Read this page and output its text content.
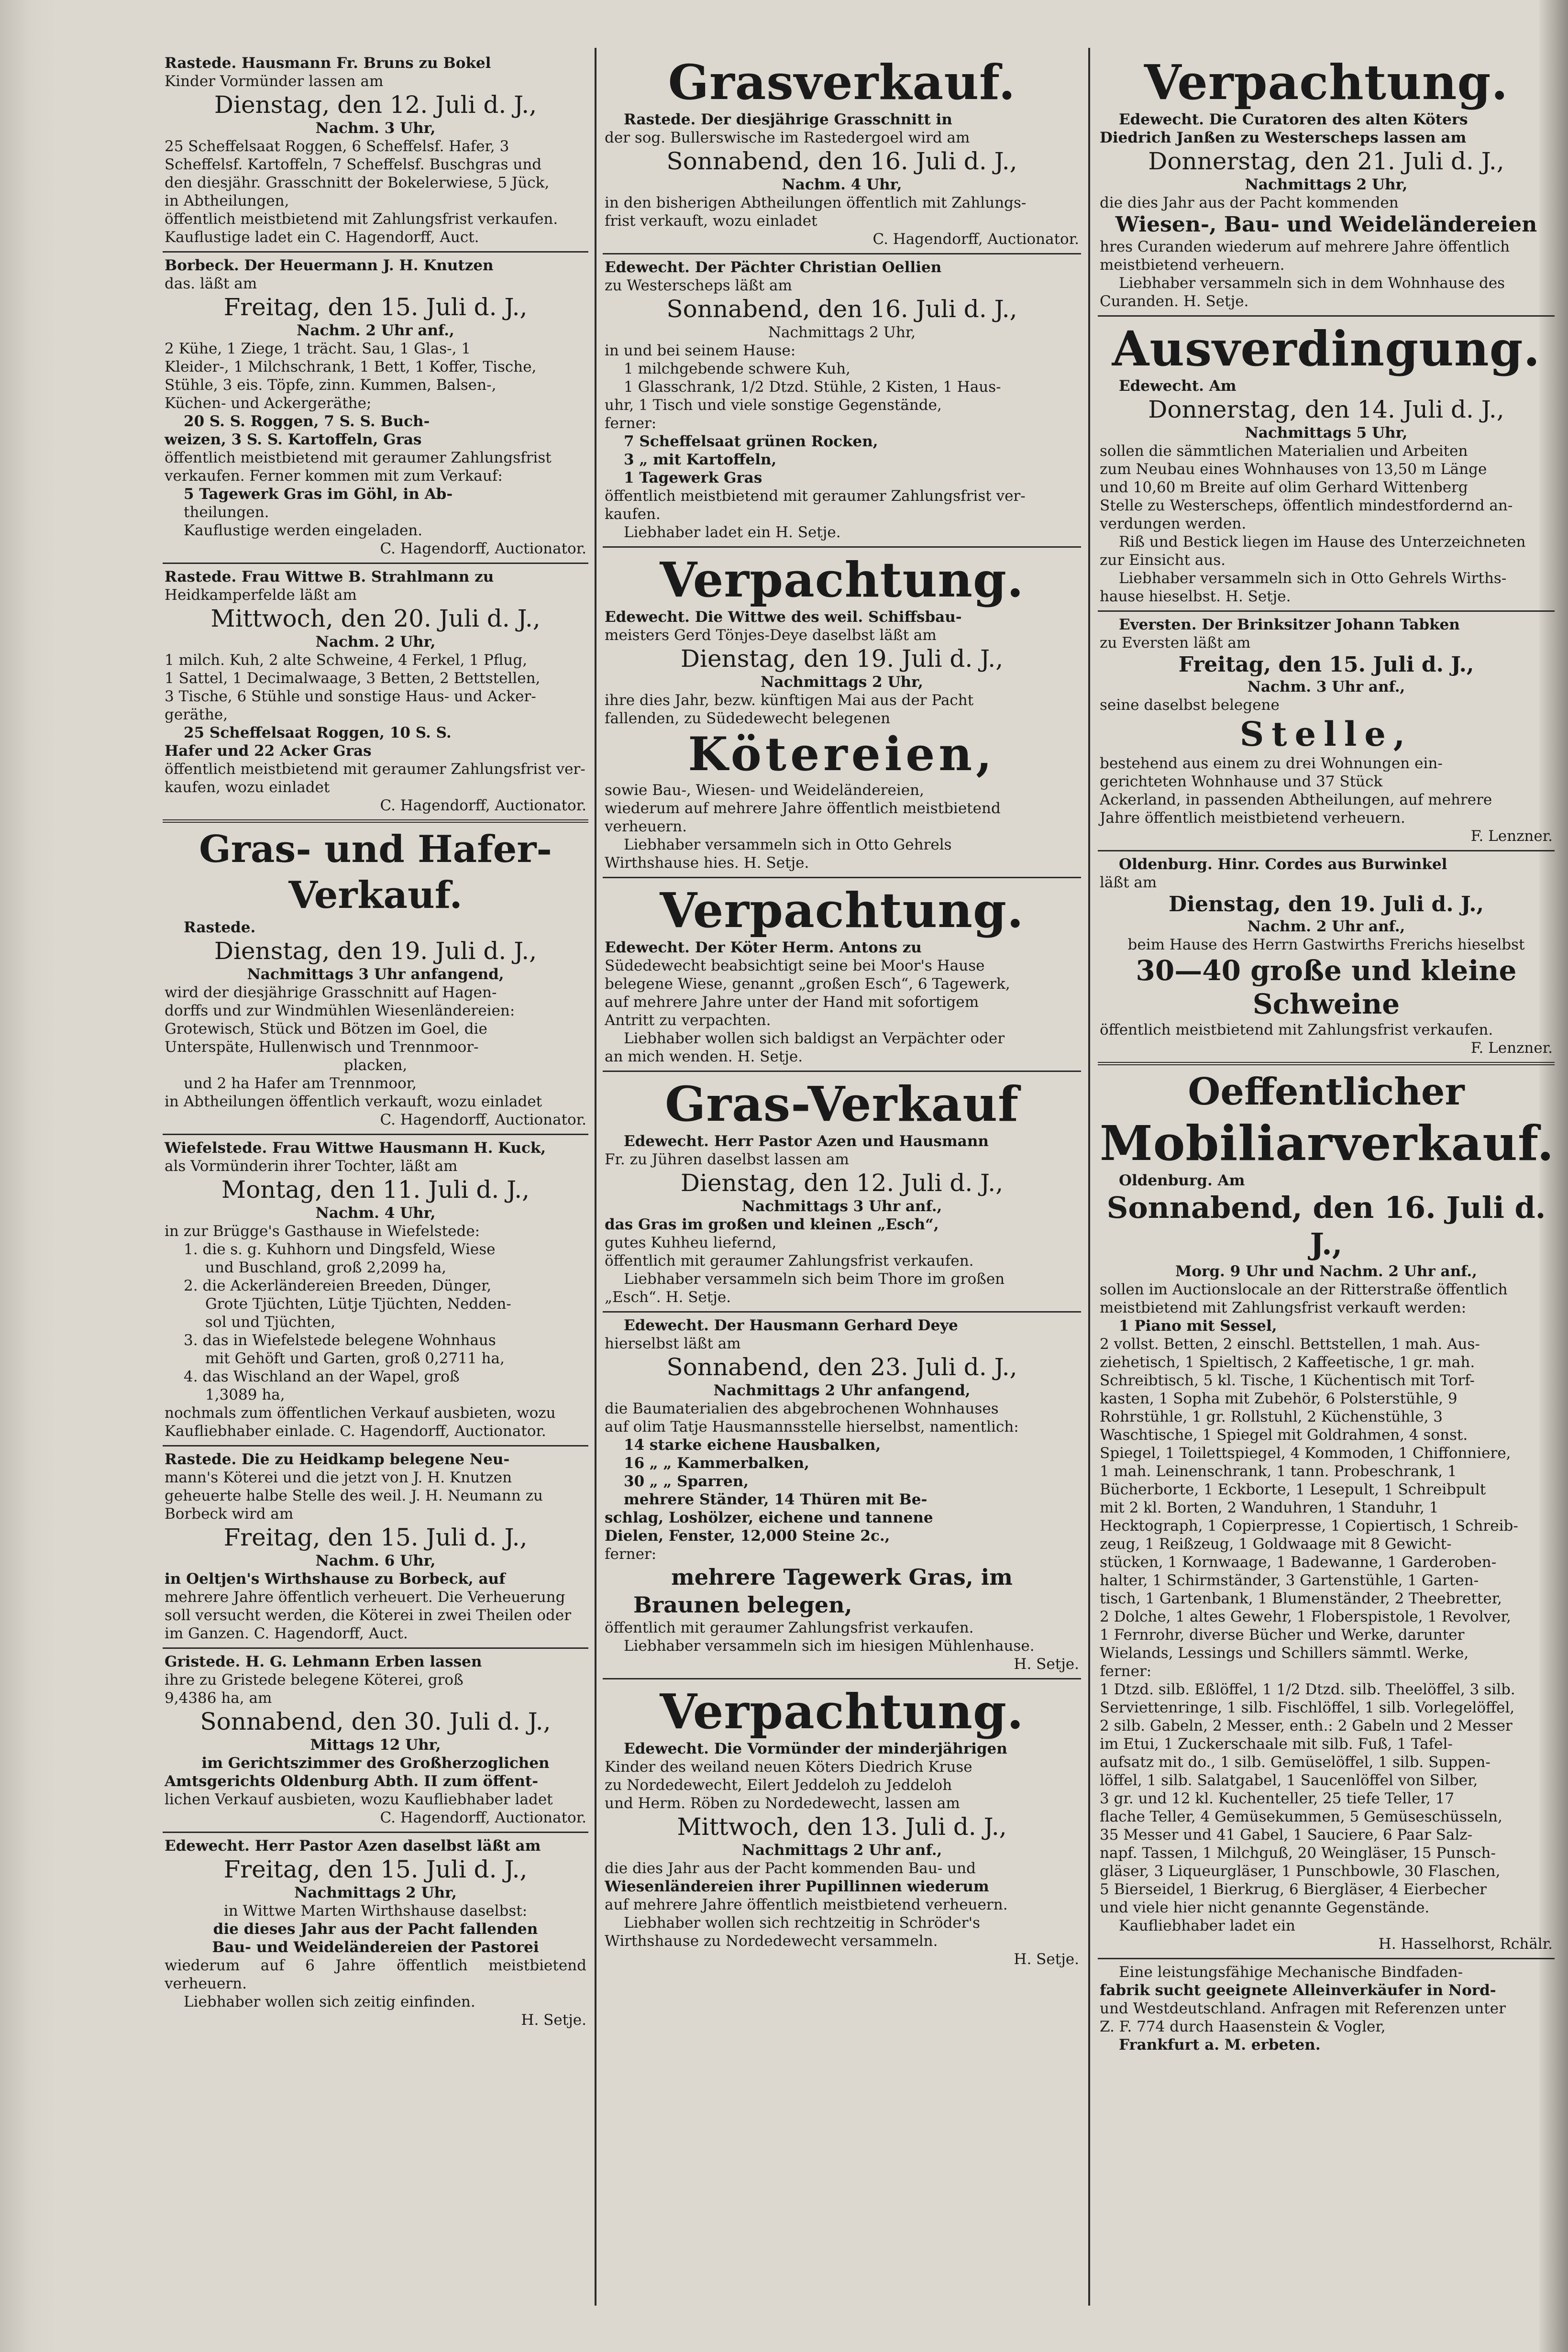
Rastede. Hausmann Fr. Bruns zu Bokel
Kinder Vormünder lassen am
Dienstag, den 12. Juli d. J.,
Nachm. 3 Uhr,
25 Scheffelsaat Roggen, 6 Scheffelsf. Hafer, 3
Scheffelsf. Kartoffeln, 7 Scheffelsf. Buschgras und
den diesjähr. Grasschnitt der Bokelerwiese, 5 Jück,
in Abtheilungen,
öffentlich meistbietend mit Zahlungsfrist verkaufen.
Kauflustige ladet ein C. Hagendorff, Auct.
Borbeck. Der Heuermann J. H. Knutzen
das. läßt am
Freitag, den 15. Juli d. J.,
Nachm. 2 Uhr anf.,
2 Kühe, 1 Ziege, 1 trächt. Sau, 1 Glas-, 1
Kleider-, 1 Milchschrank, 1 Bett, 1 Koffer, Tische,
Stühle, 3 eis. Töpfe, zinn. Kummen, Balsen-,
Küchen- und Ackergeräthe;
20 S. S. Roggen, 7 S. S. Buch-
weizen, 3 S. S. Kartoffeln, Gras
öffentlich meistbietend mit geraumer Zahlungsfrist
verkaufen. Ferner kommen mit zum Verkauf:
5 Tagewerk Gras im Göhl, in Ab-
theilungen.
Kauflustige werden eingeladen.
C. Hagendorff, Auctionator.
Rastede. Frau Wittwe B. Strahlmann zu
Heidkamperfelde läßt am
Mittwoch, den 20. Juli d. J.,
Nachm. 2 Uhr,
1 milch. Kuh, 2 alte Schweine, 4 Ferkel, 1 Pflug,
1 Sattel, 1 Decimalwaage, 3 Betten, 2 Bettstellen,
3 Tische, 6 Stühle und sonstige Haus- und Acker-
geräthe,
25 Scheffelsaat Roggen, 10 S. S.
Hafer und 22 Acker Gras
öffentlich meistbietend mit geraumer Zahlungsfrist ver-
kaufen, wozu einladet
C. Hagendorff, Auctionator.
Gras- und Hafer-Verkauf.
Rastede.
Dienstag, den 19. Juli d. J.,
Nachmittags 3 Uhr anfangend,
wird der diesjährige Grasschnitt auf Hagen-
dorffs und zur Windmühlen Wiesenländereien:
Grotewisch, Stück und Bötzen im Goel, die
Unterspäte, Hullenwisch und Trennmoor-
placken,
und 2 ha Hafer am Trennmoor,
in Abtheilungen öffentlich verkauft, wozu einladet
C. Hagendorff, Auctionator.
Wiefelstede. Frau Wittwe Hausmann H. Kuck,
als Vormünderin ihrer Tochter, läßt am
Montag, den 11. Juli d. J.,
Nachm. 4 Uhr,
in zur Brügge's Gasthause in Wiefelstede:
1. die s. g. Kuhhorn und Dingsfeld, Wiese
und Buschland, groß 2,2099 ha,
2. die Ackerländereien Breeden, Dünger,
Grote Tjüchten, Lütje Tjüchten, Nedden-
sol und Tjüchten,
3. das in Wiefelstede belegene Wohnhaus
mit Gehöft und Garten, groß 0,2711 ha,
4. das Wischland an der Wapel, groß
1,3089 ha,
nochmals zum öffentlichen Verkauf ausbieten, wozu
Kaufliebhaber einlade. C. Hagendorff, Auctionator.
Rastede. Die zu Heidkamp belegene Neu-
mann's Köterei und die jetzt von J. H. Knutzen
geheuerte halbe Stelle des weil. J. H. Neumann zu
Borbeck wird am
Freitag, den 15. Juli d. J.,
Nachm. 6 Uhr,
in Oeltjen's Wirthshause zu Borbeck, auf
mehrere Jahre öffentlich verheuert. Die Verheuerung
soll versucht werden, die Köterei in zwei Theilen oder
im Ganzen. C. Hagendorff, Auct.
Gristede. H. G. Lehmann Erben lassen
ihre zu Gristede belegene Köterei, groß
9,4386 ha, am
Sonnabend, den 30. Juli d. J.,
Mittags 12 Uhr,
im Gerichtszimmer des Großherzoglichen
Amtsgerichts Oldenburg Abth. II zum öffent-
lichen Verkauf ausbieten, wozu Kaufliebhaber ladet
C. Hagendorff, Auctionator.
Edewecht. Herr Pastor Azen daselbst läßt am
Freitag, den 15. Juli d. J.,
Nachmittags 2 Uhr,
in Wittwe Marten Wirthshause daselbst:
die dieses Jahr aus der Pacht fallenden
Bau- und Weideländereien der Pastorei
wiederum auf 6 Jahre öffentlich meistbietend verheuern.
Liebhaber wollen sich zeitig einfinden.
H. Setje.
Grasverkauf.
Rastede. Der diesjährige Grasschnitt in
der sog. Bullerswische im Rastedergoel wird am
Sonnabend, den 16. Juli d. J.,
Nachm. 4 Uhr,
in den bisherigen Abtheilungen öffentlich mit Zahlungs-
frist verkauft, wozu einladet
C. Hagendorff, Auctionator.
Edewecht. Der Pächter Christian Oellien
zu Westerscheps läßt am
Sonnabend, den 16. Juli d. J.,
Nachmittags 2 Uhr,
in und bei seinem Hause:
1 milchgebende schwere Kuh,
1 Glasschrank, 1/2 Dtzd. Stühle, 2 Kisten, 1 Haus-
uhr, 1 Tisch und viele sonstige Gegenstände,
ferner:
7 Scheffelsaat grünen Rocken,
3 „ mit Kartoffeln,
1 Tagewerk Gras
öffentlich meistbietend mit geraumer Zahlungsfrist ver-
kaufen.
Liebhaber ladet ein H. Setje.
Verpachtung.
Edewecht. Die Wittwe des weil. Schiffsbau-
meisters Gerd Tönjes-Deye daselbst läßt am
Dienstag, den 19. Juli d. J.,
Nachmittags 2 Uhr,
ihre dies Jahr, bezw. künftigen Mai aus der Pacht
fallenden, zu Südedewecht belegenen
Kötereien,
sowie Bau-, Wiesen- und Weideländereien,
wiederum auf mehrere Jahre öffentlich meistbietend
verheuern.
Liebhaber versammeln sich in Otto Gehrels
Wirthshause hies. H. Setje.
Verpachtung.
Edewecht. Der Köter Herm. Antons zu
Südedewecht beabsichtigt seine bei Moor's Hause
belegene Wiese, genannt „großen Esch“, 6 Tagewerk,
auf mehrere Jahre unter der Hand mit sofortigem
Antritt zu verpachten.
Liebhaber wollen sich baldigst an Verpächter oder
an mich wenden. H. Setje.
Gras-Verkauf
Edewecht. Herr Pastor Azen und Hausmann
Fr. zu Jühren daselbst lassen am
Dienstag, den 12. Juli d. J.,
Nachmittags 3 Uhr anf.,
das Gras im großen und kleinen „Esch“,
gutes Kuhheu liefernd,
öffentlich mit geraumer Zahlungsfrist verkaufen.
Liebhaber versammeln sich beim Thore im großen
„Esch“. H. Setje.
Edewecht. Der Hausmann Gerhard Deye
hierselbst läßt am
Sonnabend, den 23. Juli d. J.,
Nachmittags 2 Uhr anfangend,
die Baumaterialien des abgebrochenen Wohnhauses
auf olim Tatje Hausmannsstelle hierselbst, namentlich:
14 starke eichene Hausbalken,
16 „ „ Kammerbalken,
30 „ „ Sparren,
mehrere Ständer, 14 Thüren mit Be-
schlag, Loshölzer, eichene und tannene
Dielen, Fenster, 12,000 Steine 2c.,
ferner:
mehrere Tagewerk Gras, im
Braunen belegen,
öffentlich mit geraumer Zahlungsfrist verkaufen.
Liebhaber versammeln sich im hiesigen Mühlenhause.
H. Setje.
Verpachtung.
Edewecht. Die Vormünder der minderjährigen
Kinder des weiland neuen Köters Diedrich Kruse
zu Nordedewecht, Eilert Jeddeloh zu Jeddeloh
und Herm. Röben zu Nordedewecht, lassen am
Mittwoch, den 13. Juli d. J.,
Nachmittags 2 Uhr anf.,
die dies Jahr aus der Pacht kommenden Bau- und
Wiesenländereien ihrer Pupillinnen wiederum
auf mehrere Jahre öffentlich meistbietend verheuern.
Liebhaber wollen sich rechtzeitig in Schröder's
Wirthshause zu Nordedewecht versammeln.
H. Setje.
Verpachtung.
Edewecht. Die Curatoren des alten Köters
Diedrich Janßen zu Westerscheps lassen am
Donnerstag, den 21. Juli d. J.,
Nachmittags 2 Uhr,
die dies Jahr aus der Pacht kommenden
Wiesen-, Bau- und Weideländereien
hres Curanden wiederum auf mehrere Jahre öffentlich
meistbietend verheuern.
Liebhaber versammeln sich in dem Wohnhause des
Curanden. H. Setje.
Ausverdingung.
Edewecht. Am
Donnerstag, den 14. Juli d. J.,
Nachmittags 5 Uhr,
sollen die sämmtlichen Materialien und Arbeiten
zum Neubau eines Wohnhauses von 13,50 m Länge
und 10,60 m Breite auf olim Gerhard Wittenberg
Stelle zu Westerscheps, öffentlich mindestfordernd an-
verdungen werden.
Riß und Bestick liegen im Hause des Unterzeichneten
zur Einsicht aus.
Liebhaber versammeln sich in Otto Gehrels Wirths-
hause hieselbst. H. Setje.
Eversten. Der Brinksitzer Johann Tabken
zu Eversten läßt am
Freitag, den 15. Juli d. J.,
Nachm. 3 Uhr anf.,
seine daselbst belegene
Stelle,
bestehend aus einem zu drei Wohnungen ein-
gerichteten Wohnhause und 37 Stück
Ackerland, in passenden Abtheilungen, auf mehrere
Jahre öffentlich meistbietend verheuern.
F. Lenzner.
Oldenburg. Hinr. Cordes aus Burwinkel
läßt am
Dienstag, den 19. Juli d. J.,
Nachm. 2 Uhr anf.,
beim Hause des Herrn Gastwirths Frerichs hieselbst
30—40 große und kleine Schweine
öffentlich meistbietend mit Zahlungsfrist verkaufen.
F. Lenzner.
Oeffentlicher
Mobiliarverkauf.
Oldenburg. Am
Sonnabend, den 16. Juli d. J.,
Morg. 9 Uhr und Nachm. 2 Uhr anf.,
sollen im Auctionslocale an der Ritterstraße öffentlich
meistbietend mit Zahlungsfrist verkauft werden:
1 Piano mit Sessel,
2 vollst. Betten, 2 einschl. Bettstellen, 1 mah. Aus-
ziehetisch, 1 Spieltisch, 2 Kaffeetische, 1 gr. mah.
Schreibtisch, 5 kl. Tische, 1 Küchentisch mit Torf-
kasten, 1 Sopha mit Zubehör, 6 Polsterstühle, 9
Rohrstühle, 1 gr. Rollstuhl, 2 Küchenstühle, 3
Waschtische, 1 Spiegel mit Goldrahmen, 4 sonst.
Spiegel, 1 Toilettspiegel, 4 Kommoden, 1 Chiffonniere,
1 mah. Leinenschrank, 1 tann. Probeschrank, 1
Bücherborte, 1 Eckborte, 1 Lesepult, 1 Schreibpult
mit 2 kl. Borten, 2 Wanduhren, 1 Standuhr, 1
Hecktograph, 1 Copierpresse, 1 Copiertisch, 1 Schreib-
zeug, 1 Reißzeug, 1 Goldwaage mit 8 Gewicht-
stücken, 1 Kornwaage, 1 Badewanne, 1 Garderoben-
halter, 1 Schirmständer, 3 Gartenstühle, 1 Garten-
tisch, 1 Gartenbank, 1 Blumenständer, 2 Theebretter,
2 Dolche, 1 altes Gewehr, 1 Floberspistole, 1 Revolver,
1 Fernrohr, diverse Bücher und Werke, darunter
Wielands, Lessings und Schillers sämmtl. Werke,
ferner:
1 Dtzd. silb. Eßlöffel, 1 1/2 Dtzd. silb. Theelöffel, 3 silb.
Serviettenringe, 1 silb. Fischlöffel, 1 silb. Vorlegelöffel,
2 silb. Gabeln, 2 Messer, enth.: 2 Gabeln und 2 Messer
im Etui, 1 Zuckerschaale mit silb. Fuß, 1 Tafel-
aufsatz mit do., 1 silb. Gemüselöffel, 1 silb. Suppen-
löffel, 1 silb. Salatgabel, 1 Saucenlöffel von Silber,
3 gr. und 12 kl. Kuchenteller, 25 tiefe Teller, 17
flache Teller, 4 Gemüsekummen, 5 Gemüseschüsseln,
35 Messer und 41 Gabel, 1 Sauciere, 6 Paar Salz-
napf. Tassen, 1 Milchguß, 20 Weingläser, 15 Punsch-
gläser, 3 Liqueurgläser, 1 Punschbowle, 30 Flaschen,
5 Bierseidel, 1 Bierkrug, 6 Biergläser, 4 Eierbecher
und viele hier nicht genannte Gegenstände.
Kaufliebhaber ladet ein
H. Hasselhorst, Rchälr.
Eine leistungsfähige Mechanische Bindfaden-
fabrik sucht geeignete Alleinverkäufer in Nord-
und Westdeutschland. Anfragen mit Referenzen unter
Z. F. 774 durch Haasenstein & Vogler,
Frankfurt a. M. erbeten.
